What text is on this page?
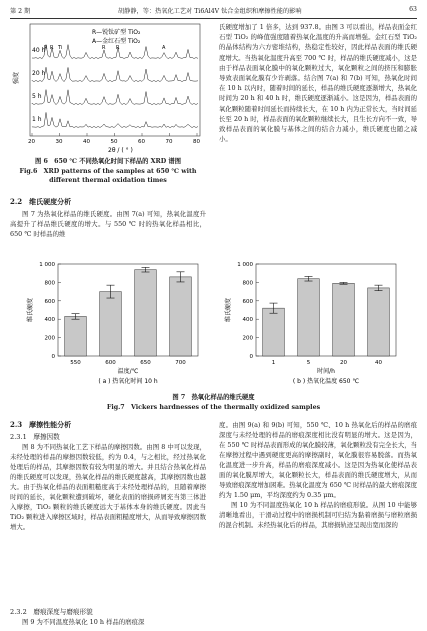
第 2 期	胡静静，等：热氧化工艺对 Ti6Al4V 钛合金组织和摩擦性能的影响	63
R—锐钛矿型 TiO₂
A—金红石型 TiO₂
R R Ti	R R	A
40 h
20 h
5 h
1 h
强度
20	30	40	50	60	70	80
2θ / ( ° )
图 6　650 ℃ 不同热氧化时间下样品的 XRD 谱图
Fig.6　XRD patterns of the samples at 650 ℃ with
different thermal oxidation times
2.2　维氏硬度分析

图 7 为热氧化样品的维氏硬度。由图 7(a) 可知，热氧化温度升高提升了样品维氏硬度的增大。与 550 ℃ 时的热氧化样品相比，650 ℃ 时样品的维

氏硬度增加了 1 倍多，达到 937.8。由图 3 可以看出，样品表面金红石型 TiO₂ 的峰值强度随着热氧化温度的升高而增强。金红石型 TiO₂ 的晶体结构为六方密堆结构，热稳定性较好，因此样品表面的维氏硬度增大。当热氧化温度升高至 700 ℃ 时，样品的维氏硬度减小，这是由于样品表面氧化膜中的氧化颗粒过大，氧化颗粒之间的挤压和膨胀导致表面氧化膜有少许剥落。结合图 7(a) 和 7(b) 可知，热氧化时间在 10 h 以内时，随着时间的延长，样品的维氏硬度逐渐增大，热氧化时间为 20 h 和 40 h 时，维氏硬度逐渐减小。这是因为，样品表面的氧化颗粒随着时间延长而持续长大，在 10 h 内为正常长大，当时间延长至 20 h 时，样品表面的氧化颗粒继续长大，且生长方向不一致，导致样品表面的氧化膜与基体之间的结合力减小，维氏硬度也随之减小。

0
200
400
600
800
1 000
550	600	650	700
温度/℃
维氏硬度
( a ) 热氧化时间 10 h
0
200
400
600
800
1 000
1	5	20	40
时间/h
维氏硬度
( b ) 热氧化温度 650 ℃
图 7　热氧化样品的维氏硬度
Fig.7　Vickers hardnesses of the thermally oxidized samples
2.3　摩擦性能分析
2.3.1　摩擦因数

图 8 为不同热氧化工艺下样品的摩擦因数。由图 8 中可以发现，未经处理的样品的摩擦因数较低，约为 0.4，与之相比，经过热氧化处理后的样品，其摩擦因数有较为明显的增大。并且结合热氧化样品的维氏硬度可以发现，热氧化样品的维氏硬度越高，其摩擦因数也越大。由于热氧化样品的表面粗糙度高于未经处理样品的，且随着摩擦时间的延长，氧化颗粒遭到破坏，硬化表面的磨损碎屑充当第三体进入摩擦，TiO₂ 颗粒的维氏硬度远大于基体本身的维氏硬度。因此当 TiO₂ 颗粒进入摩擦区域时，样品表面粗糙度增大，从而导致摩擦因数增大。

2.3.2　磨痕深度与磨痕形貌

图 9 为不同温度热氧化 10 h 样品的磨痕深

度。由图 9(a) 和 9(b) 可知，550 ℃、10 h 热氧化后的样品的磨痕深度与未经处理的样品的磨痕深度相比没有明显的增大。这是因为，在 550 ℃ 时样品表面形成的氧化膜较薄，氧化颗粒没有完全长大，当在摩擦过程中遇到硬度更高的摩擦副时，氧化膜很容易脱落。而热氧化温度进一步升高，样品的磨痕深度减小。这是因为热氧化使样品表面的氧化膜厚增大，氧化颗粒长大，样品表面的维氏硬度增大，从而导致磨痕深度增加困难。热氧化温度为 650 ℃ 时样品的最大磨痕深度约为 1.50 μm，平均深度约为 0.35 μm。

图 10 为不同温度热氧化 10 h 样品的磨痕形貌。从图 10 中能够清晰地看出，干滑动过程中的磨损机制可归结为黏着磨损与磨粒磨损的混合机制。未经热氧化后的样品，其磨损轨迹呈现出宽而深的
